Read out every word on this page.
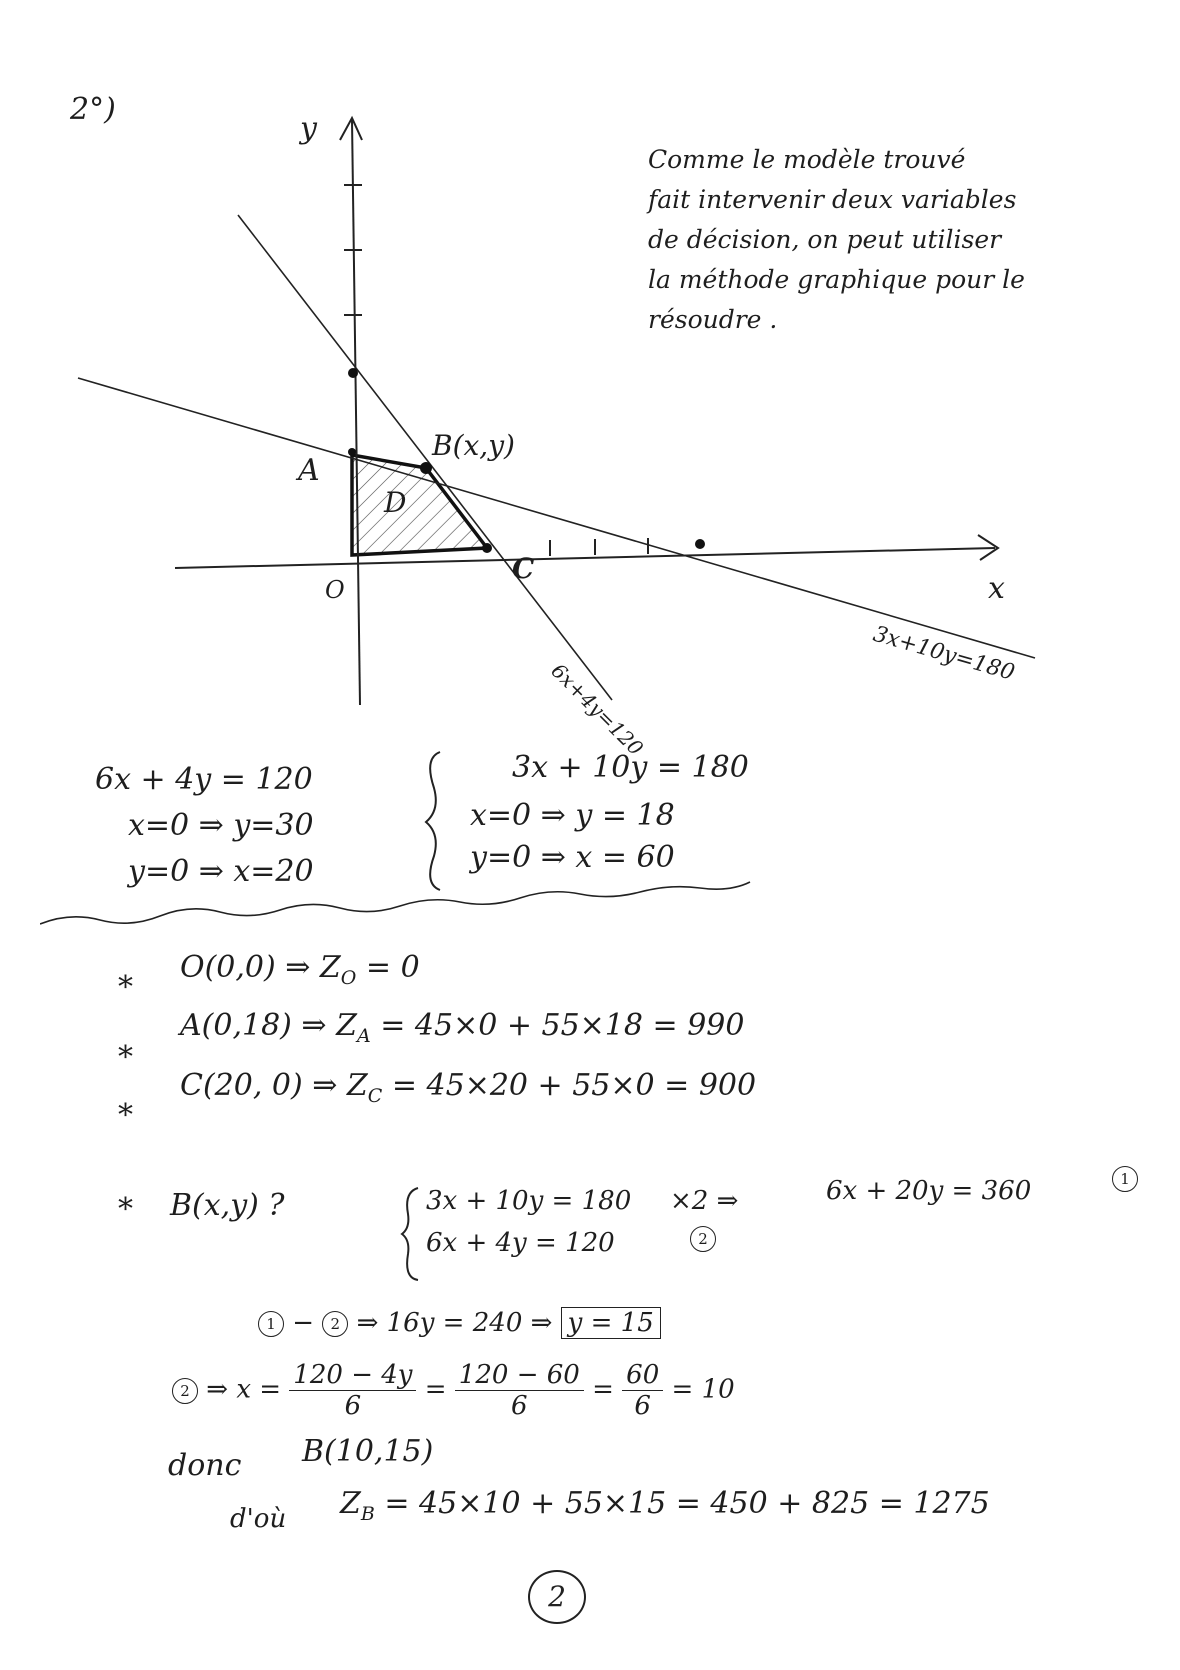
2°)
y
x
O
A
B(x,y)
C
D
3x+10y=180
6x+4y=120
Comme le modèle trouvé
fait intervenir deux variables
de décision, on peut utiliser
la méthode graphique pour le
résoudre .
6x + 4y = 120
x=0 ⇒ y=30
y=0 ⇒ x=20
3x + 10y = 180
x=0 ⇒ y = 18
y=0 ⇒ x = 60
*
O(0,0) ⇒ $Z_O = 0$
*
A(0,18) ⇒ $Z_A = 45\times 0 + 55\times 18 = 990$
*
C(20, 0) ⇒ $Z_C = 45\times 20 + 55\times 0 = 900$
* B(x,y) ?	3x + 10y = 180 ×2 ⇒	6x + 20y = 360	1
6x + 4y = 120	2
1 − 2 ⇒ 16y = 240 ⇒ y = 15
2 ⇒ $x = \frac{120 - 4y}{6} = \frac{120 - 60}{6} = \frac{60}{6} = 10$
donc B(10,15)
d'où $Z_B = 45\times 10 + 55\times 15 = 450 + 825 = 1275$
2
